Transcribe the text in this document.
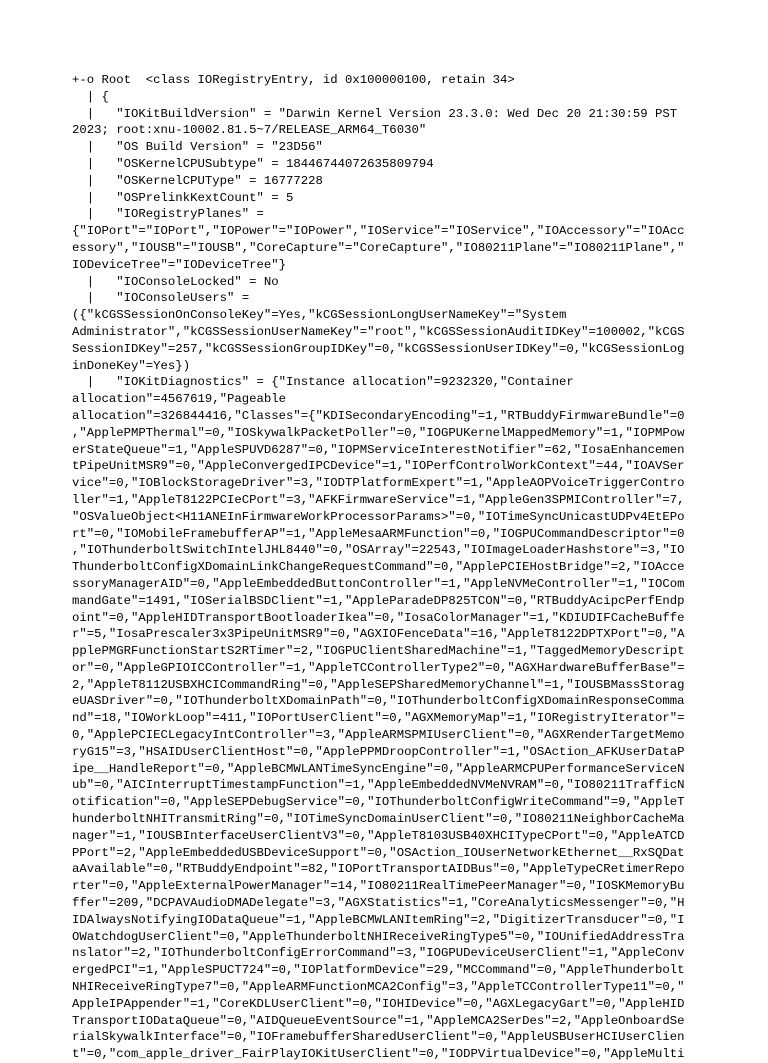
+-o Root  <class IORegistryEntry, id 0x100000100, retain 34>
| {
|   "IOKitBuildVersion" = "Darwin Kernel Version 23.3.0: Wed Dec 20 21:30:59 PST
2023; root:xnu-10002.81.5~7/RELEASE_ARM64_T6030"
|   "OS Build Version" = "23D56"
|   "OSKernelCPUSubtype" = 18446744072635809794
|   "OSKernelCPUType" = 16777228
|   "OSPrelinkKextCount" = 5
|   "IORegistryPlanes" =
{"IOPort"="IOPort","IOPower"="IOPower","IOService"="IOService","IOAccessory"="IOAcc
essory","IOUSB"="IOUSB","CoreCapture"="CoreCapture","IO80211Plane"="IO80211Plane","
IODeviceTree"="IODeviceTree"}
|   "IOConsoleLocked" = No
|   "IOConsoleUsers" =
({"kCGSSessionOnConsoleKey"=Yes,"kCGSessionLongUserNameKey"="System
Administrator","kCGSSessionUserNameKey"="root","kCGSSessionAuditIDKey"=100002,"kCGS
SessionIDKey"=257,"kCGSSessionGroupIDKey"=0,"kCGSSessionUserIDKey"=0,"kCGSessionLog
inDoneKey"=Yes})
|   "IOKitDiagnostics" = {"Instance allocation"=9232320,"Container
allocation"=4567619,"Pageable
allocation"=326844416,"Classes"={"KDISecondaryEncoding"=1,"RTBuddyFirmwareBundle"=0
,"ApplePMPThermal"=0,"IOSkywalkPacketPoller"=0,"IOGPUKernelMappedMemory"=1,"IOPMPow
erStateQueue"=1,"AppleSPUVD6287"=0,"IOPMServiceInterestNotifier"=62,"IosaEnhancemen
tPipeUnitMSR9"=0,"AppleConvergedIPCDevice"=1,"IOPerfControlWorkContext"=44,"IOAVSer
vice"=0,"IOBlockStorageDriver"=3,"IODTPlatformExpert"=1,"AppleAOPVoiceTriggerContro
ller"=1,"AppleT8122PCIeCPort"=3,"AFKFirmwareService"=1,"AppleGen3SPMIController"=7,
"OSValueObject<H11ANEInFirmwareWorkProcessorParams>"=0,"IOTimeSyncUnicastUDPv4EtEPo
rt"=0,"IOMobileFramebufferAP"=1,"AppleMesaARMFunction"=0,"IOGPUCommandDescriptor"=0
,"IOThunderboltSwitchIntelJHL8440"=0,"OSArray"=22543,"IOImageLoaderHashstore"=3,"IO
ThunderboltConfigXDomainLinkChangeRequestCommand"=0,"ApplePCIEHostBridge"=2,"IOAcce
ssoryManagerAID"=0,"AppleEmbeddedButtonController"=1,"AppleNVMeController"=1,"IOCom
mandGate"=1491,"IOSerialBSDClient"=1,"AppleParadeDP825TCON"=0,"RTBuddyAcipcPerfEndp
oint"=0,"AppleHIDTransportBootloaderIkea"=0,"IosaColorManager"=1,"KDIUDIFCacheBuffe
r"=5,"IosaPrescaler3x3PipeUnitMSR9"=0,"AGXIOFenceData"=16,"AppleT8122DPTXPort"=0,"A
pplePMGRFunctionStartS2RTimer"=2,"IOGPUClientSharedMachine"=1,"TaggedMemoryDescript
or"=0,"AppleGPIOICController"=1,"AppleTCControllerType2"=0,"AGXHardwareBufferBase"=
2,"AppleT8112USBXHCICommandRing"=0,"AppleSEPSharedMemoryChannel"=1,"IOUSBMassStorag
eUASDriver"=0,"IOThunderboltXDomainPath"=0,"IOThunderboltConfigXDomainResponseComma
nd"=18,"IOWorkLoop"=411,"IOPortUserClient"=0,"AGXMemoryMap"=1,"IORegistryIterator"=
0,"ApplePCIECLegacyIntController"=3,"AppleARMSPMIUserClient"=0,"AGXRenderTargetMemo
ryG15"=3,"HSAIDUserClientHost"=0,"ApplePPMDroopController"=1,"OSAction_AFKUserDataP
ipe__HandleReport"=0,"AppleBCMWLANTimeSyncEngine"=0,"AppleARMCPUPerformanceServiceN
ub"=0,"AICInterruptTimestampFunction"=1,"AppleEmbeddedNVMeNVRAM"=0,"IO80211TrafficN
otification"=0,"AppleSEPDebugService"=0,"IOThunderboltConfigWriteCommand"=9,"AppleT
hunderboltNHITransmitRing"=0,"IOTimeSyncDomainUserClient"=0,"IO80211NeighborCacheMa
nager"=1,"IOUSBInterfaceUserClientV3"=0,"AppleT8103USB40XHCITypeCPort"=0,"AppleATCD
PPort"=2,"AppleEmbeddedUSBDeviceSupport"=0,"OSAction_IOUserNetworkEthernet__RxSQDat
aAvailable"=0,"RTBuddyEndpoint"=82,"IOPortTransportAIDBus"=0,"AppleTypeCRetimerRepo
rter"=0,"AppleExternalPowerManager"=14,"IO80211RealTimePeerManager"=0,"IOSKMemoryBu
ffer"=209,"DCPAVAudioDMADelegate"=3,"AGXStatistics"=1,"CoreAnalyticsMessenger"=0,"H
IDAlwaysNotifyingIODataQueue"=1,"AppleBCMWLANItemRing"=2,"DigitizerTransducer"=0,"I
OWatchdogUserClient"=0,"AppleThunderboltNHIReceiveRingType5"=0,"IOUnifiedAddressTra
nslator"=2,"IOThunderboltConfigErrorCommand"=3,"IOGPUDeviceUserClient"=1,"AppleConv
ergedPCI"=1,"AppleSPUCT724"=0,"IOPlatformDevice"=29,"MCCommand"=0,"AppleThunderbolt
NHIReceiveRingType7"=0,"AppleARMFunctionMCA2Config"=3,"AppleTCControllerType11"=0,"
AppleIPAppender"=1,"CoreKDLUserClient"=0,"IOHIDevice"=0,"AGXLegacyGart"=0,"AppleHID
TransportIODataQueue"=0,"AIDQueueEventSource"=1,"AppleMCA2SerDes"=2,"AppleOnboardSe
rialSkywalkInterface"=0,"IOFramebufferSharedUserClient"=0,"AppleUSBUserHCIUserClien
t"=0,"com_apple_driver_FairPlayIOKitUserClient"=0,"IODPVirtualDevice"=0,"AppleMulti
